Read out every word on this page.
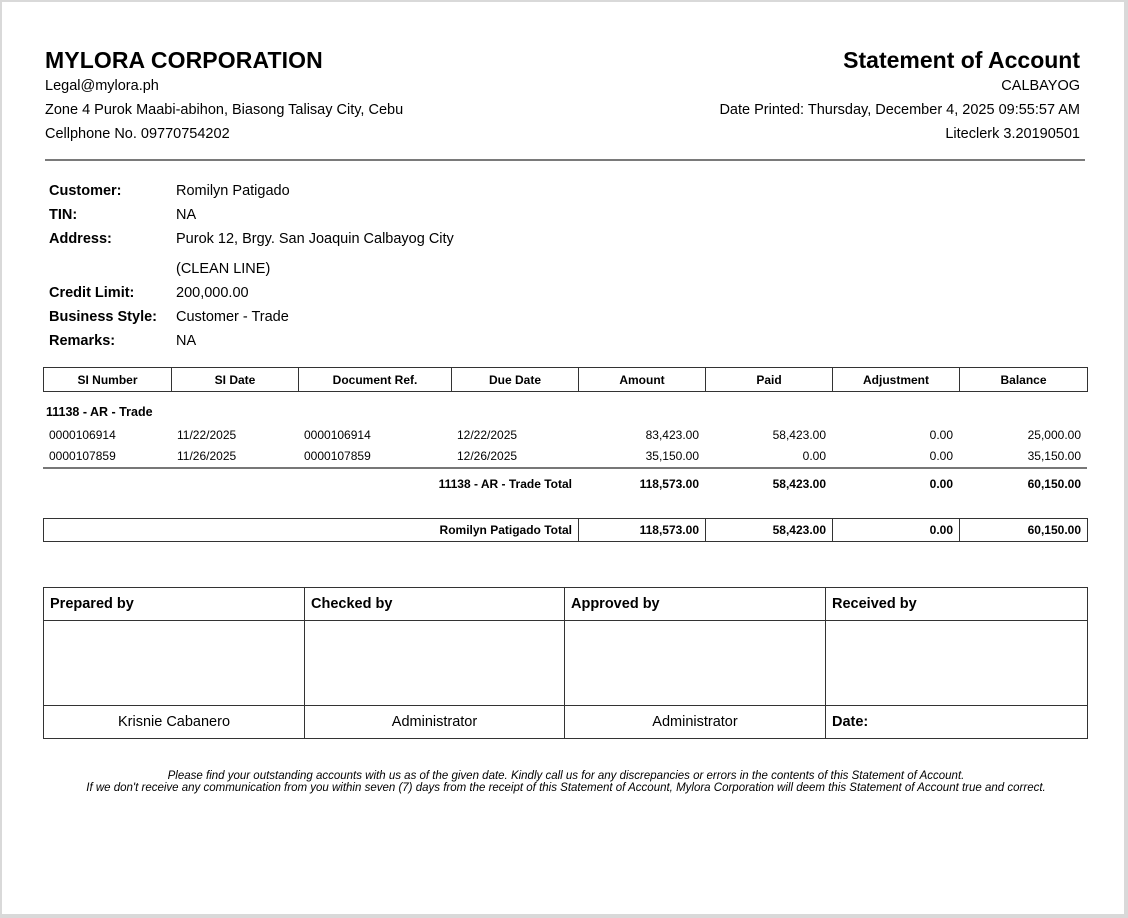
MYLORA CORPORATION
Legal@mylora.ph
Zone 4 Purok Maabi-abihon, Biasong Talisay City, Cebu
Cellphone No. 09770754202
Statement of Account
CALBAYOG
Date Printed: Thursday, December 4, 2025 09:55:57 AM
Liteclerk 3.20190501
Customer:	Romilyn Patigado
TIN:	NA
Address:	Purok 12, Brgy. San Joaquin Calbayog City
(CLEAN LINE)
Credit Limit:	200,000.00
Business Style:	Customer - Trade
Remarks:	NA
SI Number	SI Date	Document Ref.	Due Date	Amount	Paid	Adjustment	Balance
11138 - AR - Trade
0000106914	11/22/2025	0000106914	12/22/2025	83,423.00	58,423.00	0.00	25,000.00
0000107859	11/26/2025	0000107859	12/26/2025	35,150.00	0.00	0.00	35,150.00
11138 - AR - Trade Total	118,573.00	58,423.00	0.00	60,150.00
Romilyn Patigado Total	118,573.00	58,423.00	0.00	60,150.00
Prepared by	Checked by	Approved by	Received by

Krisnie Cabanero	Administrator	Administrator	Date:
Please find your outstanding accounts with us as of the given date. Kindly call us for any discrepancies or errors in the contents of this Statement of Account.
If we don't receive any communication from you within seven (7) days from the receipt of this Statement of Account, Mylora Corporation will deem this Statement of Account true and correct.
